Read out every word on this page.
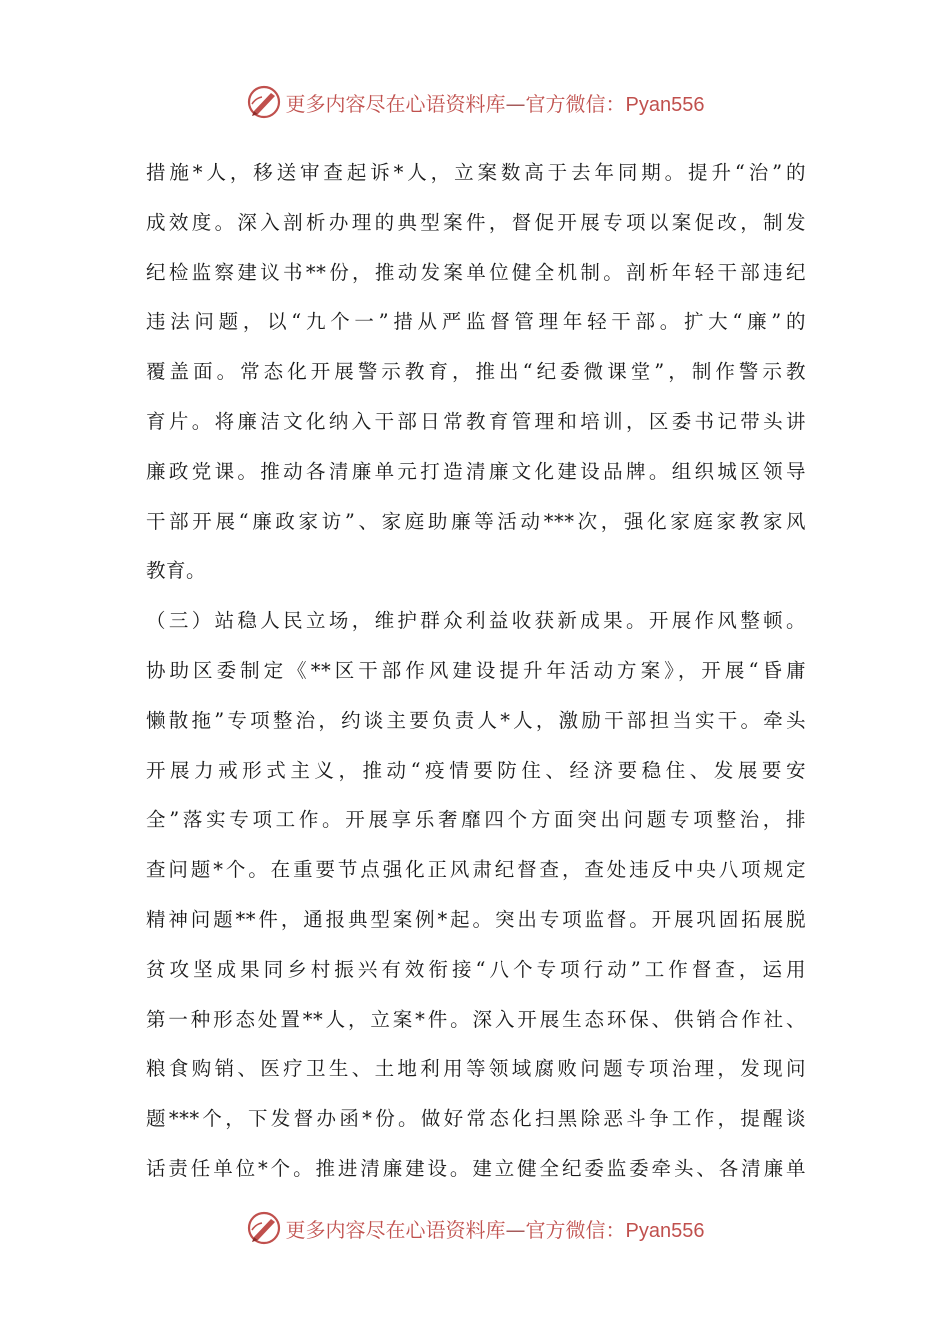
更多内容尽在心语资料库—官方微信：Pyan556
措施*人，移送审查起诉*人，立案数高于去年同期。提升“治”的
成效度。深入剖析办理的典型案件，督促开展专项以案促改，制发
纪检监察建议书**份，推动发案单位健全机制。剖析年轻干部违纪
违法问题，以“九个一”措从严监督管理年轻干部。扩大“廉”的
覆盖面。常态化开展警示教育，推出“纪委微课堂”，制作警示教
育片。将廉洁文化纳入干部日常教育管理和培训，区委书记带头讲
廉政党课。推动各清廉单元打造清廉文化建设品牌。组织城区领导
干部开展“廉政家访”、家庭助廉等活动***次，强化家庭家教家风
教育。
（三）站稳人民立场，维护群众利益收获新成果。开展作风整顿。
协助区委制定《**区干部作风建设提升年活动方案》，开展“昏庸
懒散拖”专项整治，约谈主要负责人*人，激励干部担当实干。牵头
开展力戒形式主义，推动“疫情要防住、经济要稳住、发展要安
全”落实专项工作。开展享乐奢靡四个方面突出问题专项整治，排
查问题*个。在重要节点强化正风肃纪督查，查处违反中央八项规定
精神问题**件，通报典型案例*起。突出专项监督。开展巩固拓展脱
贫攻坚成果同乡村振兴有效衔接“八个专项行动”工作督查，运用
第一种形态处置**人，立案*件。深入开展生态环保、供销合作社、
粮食购销、医疗卫生、土地利用等领域腐败问题专项治理，发现问
题***个，下发督办函*份。做好常态化扫黑除恶斗争工作，提醒谈
话责任单位*个。推进清廉建设。建立健全纪委监委牵头、各清廉单
更多内容尽在心语资料库—官方微信：Pyan556
